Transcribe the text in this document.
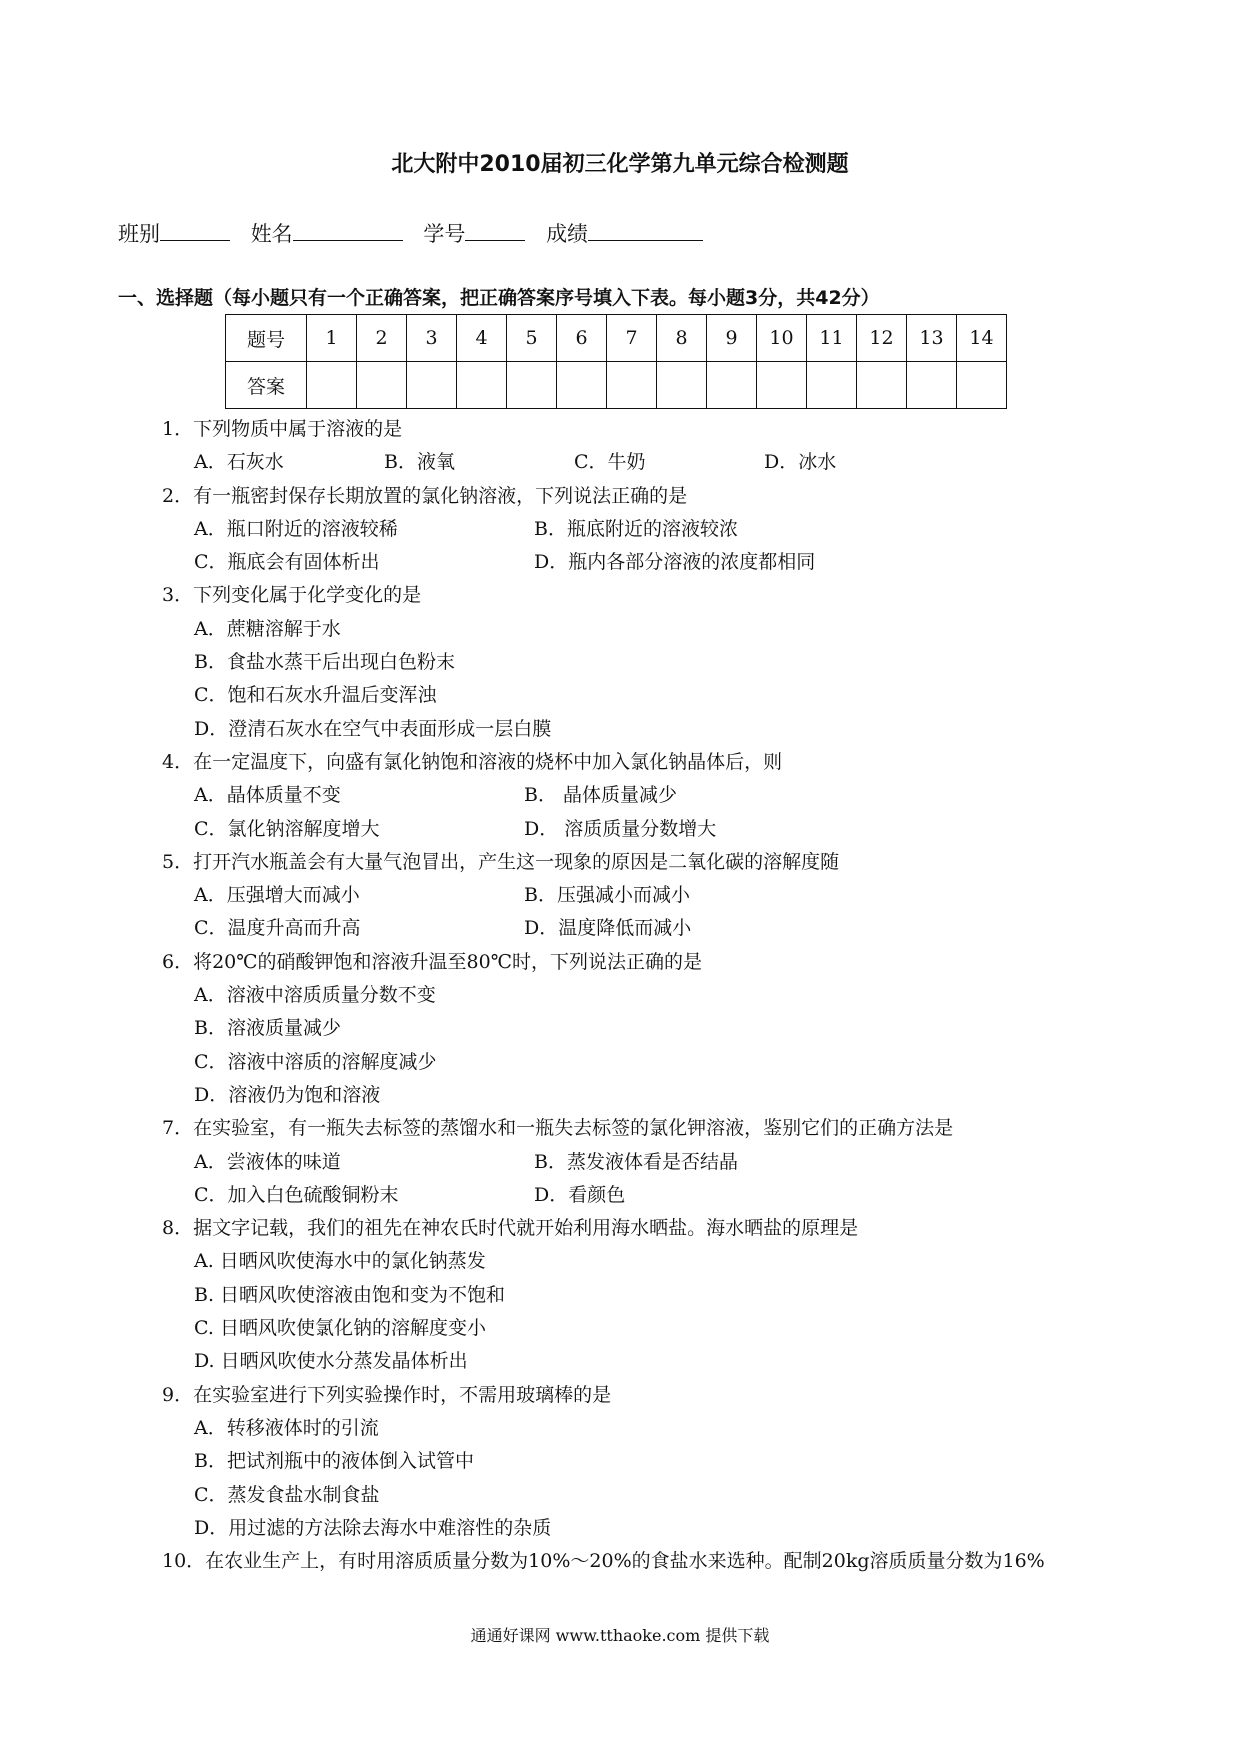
北大附中2010届初三化学第九单元综合检测题
班别	姓名	学号	成绩
一、选择题（每小题只有一个正确答案，把正确答案序号填入下表。每小题3分，共42分）
题号	1	2	3	4	5	6	7	8	9	10	11	12	13	14
答案														
1．下列物质中属于溶液的是
A．石灰水	B．液氧	C．牛奶	D．冰水
2．有一瓶密封保存长期放置的氯化钠溶液，下列说法正确的是
A．瓶口附近的溶液较稀	B．瓶底附近的溶液较浓
C．瓶底会有固体析出	D．瓶内各部分溶液的浓度都相同
3．下列变化属于化学变化的是
A．蔗糖溶解于水
B．食盐水蒸干后出现白色粉末
C．饱和石灰水升温后变浑浊
D．澄清石灰水在空气中表面形成一层白膜
4．在一定温度下，向盛有氯化钠饱和溶液的烧杯中加入氯化钠晶体后，则
A．晶体质量不变	B． 晶体质量减少
C．氯化钠溶解度增大	D． 溶质质量分数增大
5．打开汽水瓶盖会有大量气泡冒出，产生这一现象的原因是二氧化碳的溶解度随
A．压强增大而减小	B．压强减小而减小
C．温度升高而升高	D．温度降低而减小
6．将20℃的硝酸钾饱和溶液升温至80℃时，下列说法正确的是
A．溶液中溶质质量分数不变
B．溶液质量减少
C．溶液中溶质的溶解度减少
D．溶液仍为饱和溶液
7．在实验室，有一瓶失去标签的蒸馏水和一瓶失去标签的氯化钾溶液，鉴别它们的正确方法是
A．尝液体的味道	B．蒸发液体看是否结晶
C．加入白色硫酸铜粉末	D．看颜色
8．据文字记载，我们的祖先在神农氏时代就开始利用海水晒盐。海水晒盐的原理是
A. 日晒风吹使海水中的氯化钠蒸发
B. 日晒风吹使溶液由饱和变为不饱和
C. 日晒风吹使氯化钠的溶解度变小
D. 日晒风吹使水分蒸发晶体析出
9．在实验室进行下列实验操作时，不需用玻璃棒的是
A．转移液体时的引流
B．把试剂瓶中的液体倒入试管中
C．蒸发食盐水制食盐
D．用过滤的方法除去海水中难溶性的杂质
10．在农业生产上，有时用溶质质量分数为10%～20%的食盐水来选种。配制20kg溶质质量分数为16%
通通好课网 www.tthaoke.com 提供下载
